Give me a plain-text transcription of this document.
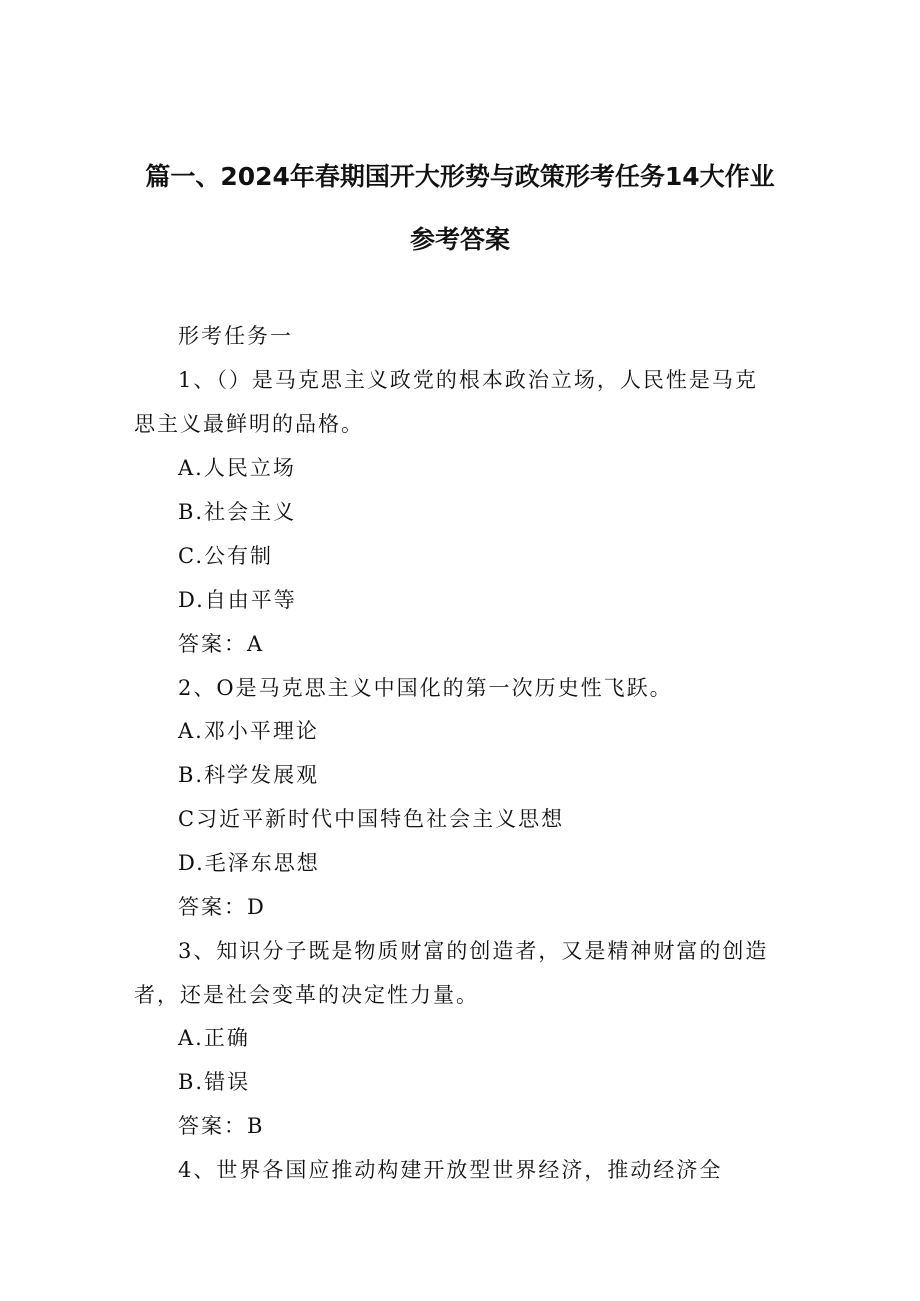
篇一、2024年春期国开大形势与政策形考任务14大作业
参考答案
形考任务一
1、（）是马克思主义政党的根本政治立场，人民性是马克
思主义最鲜明的品格。
A.人民立场
B.社会主义
C.公有制
D.自由平等
答案：A
2、O是马克思主义中国化的第一次历史性飞跃。
A.邓小平理论
B.科学发展观
C习近平新时代中国特色社会主义思想
D.毛泽东思想
答案：D
3、知识分子既是物质财富的创造者，又是精神财富的创造
者，还是社会变革的决定性力量。
A.正确
B.错误
答案：B
4、世界各国应推动构建开放型世界经济，推动经济全
